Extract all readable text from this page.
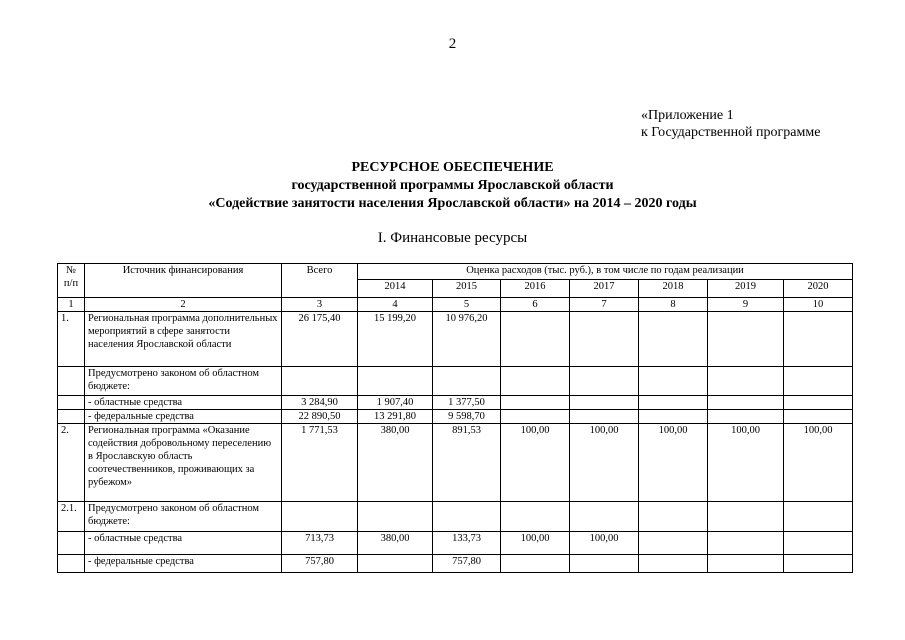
2
«Приложение 1
к Государственной программе
РЕСУРСНОЕ ОБЕСПЕЧЕНИЕ
государственной программы Ярославской области
«Содействие занятости населения Ярославской области» на 2014 – 2020 годы
I. Финансовые ресурсы
№ п/п	Источник финансирования	Всего	Оценка расходов (тыс. руб.), в том числе по годам реализации						
			2014	2015	2016	2017	2018	2019	2020
1	2	3	4	5	6	7	8	9	10
1.	Региональная программа дополнительных мероприятий в сфере занятости населения Ярославской области	26 175,40	15 199,20	10 976,20					
	Предусмотрено законом об областном бюджете:								
	- областные средства	3 284,90	1 907,40	1 377,50					
	- федеральные средства	22 890,50	13 291,80	9 598,70					
2.	Региональная программа «Оказание содействия добровольному переселению в Ярославскую область соотечественников, проживающих за рубежом»	1 771,53	380,00	891,53	100,00	100,00	100,00	100,00	100,00
2.1.	Предусмотрено законом об областном бюджете:								
	- областные средства	713,73	380,00	133,73	100,00	100,00			
	- федеральные средства	757,80		757,80					
